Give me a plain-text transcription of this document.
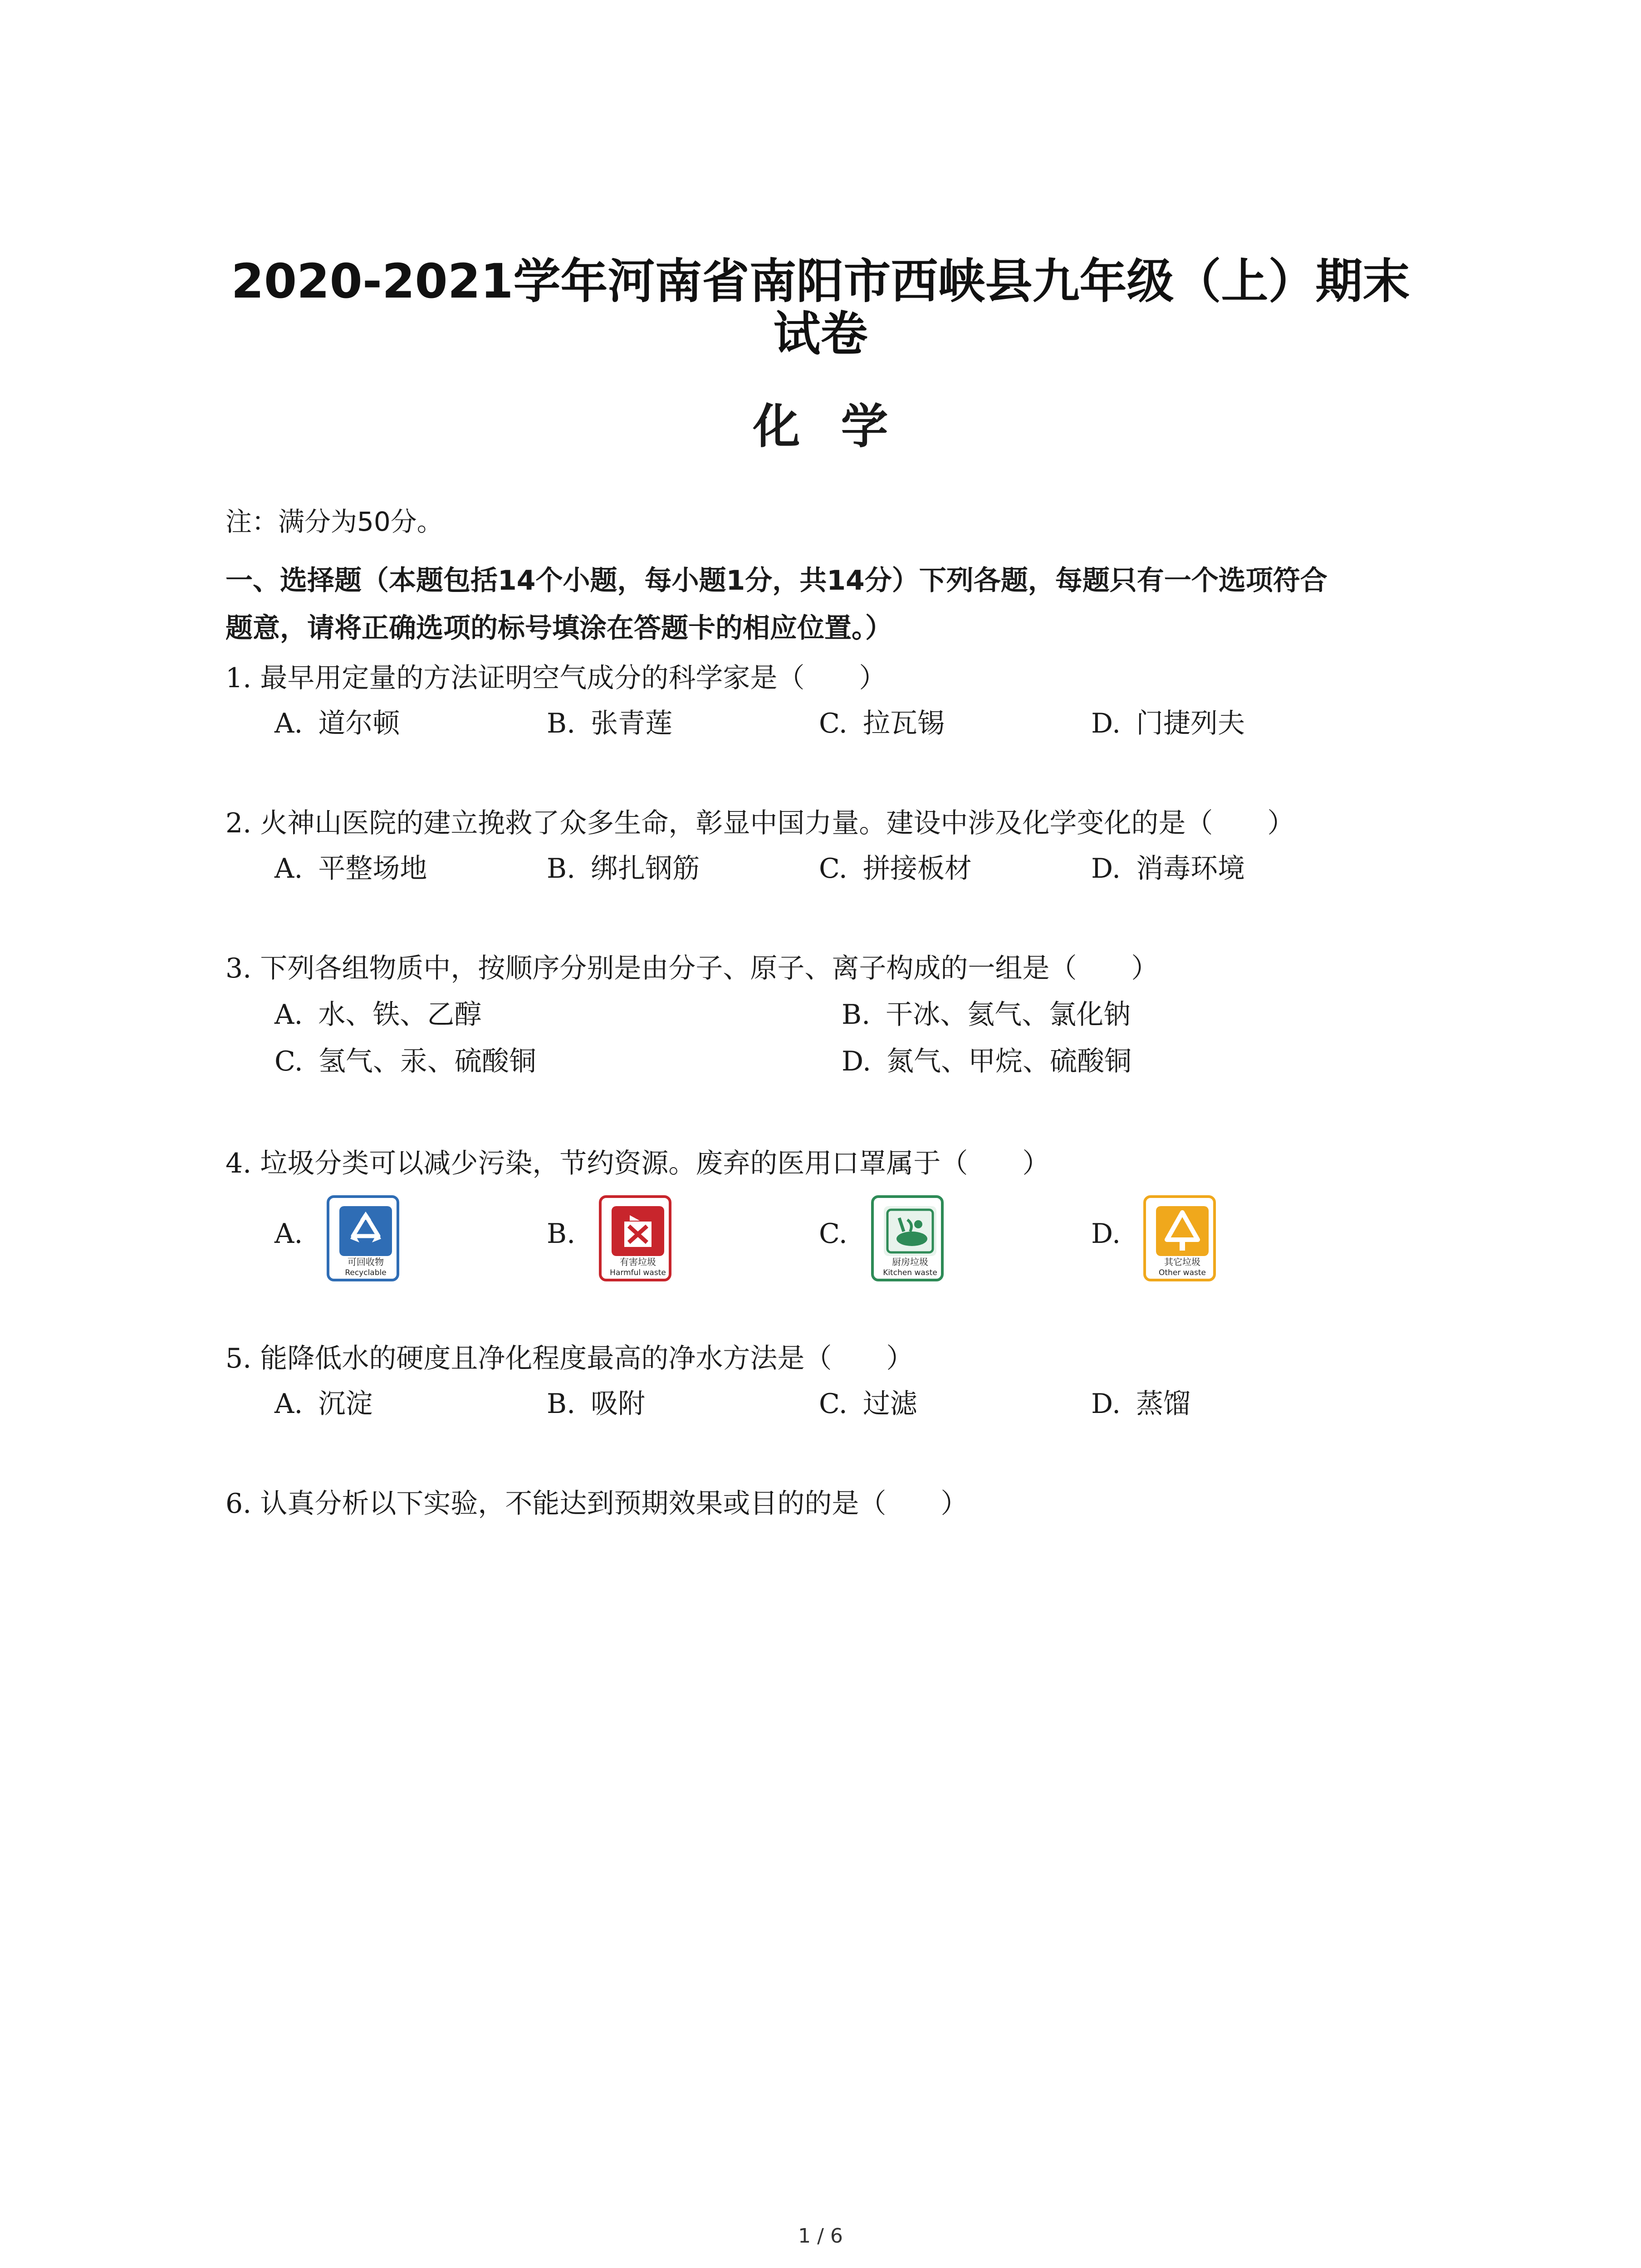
2020-2021学年河南省南阳市西峡县九年级（上）期末
试卷
化学
注：满分为50分。
一、选择题（本题包括14个小题，每小题1分，共14分）下列各题，每题只有一个选项符合
题意，请将正确选项的标号填涂在答题卡的相应位置。）
1. 最早用定量的方法证明空气成分的科学家是（　　）
A. 道尔顿	B. 张青莲	C. 拉瓦锡	D. 门捷列夫
2. 火神山医院的建立挽救了众多生命，彰显中国力量。建设中涉及化学变化的是（　　）
A. 平整场地	B. 绑扎钢筋	C. 拼接板材	D. 消毒环境
3. 下列各组物质中，按顺序分别是由分子、原子、离子构成的一组是（　　）
A. 水、铁、乙醇	B. 干冰、氦气、氯化钠
C. 氢气、汞、硫酸铜	D. 氮气、甲烷、硫酸铜
4. 垃圾分类可以减少污染，节约资源。废弃的医用口罩属于（　　）
A.
可回收物
Recyclable
B.
有害垃圾
Harmful waste
C.
厨房垃圾
Kitchen waste
D.
其它垃圾
Other waste
5. 能降低水的硬度且净化程度最高的净水方法是（　　）
A. 沉淀	B. 吸附	C. 过滤	D. 蒸馏
6. 认真分析以下实验，不能达到预期效果或目的的是（　　）
1 / 6
